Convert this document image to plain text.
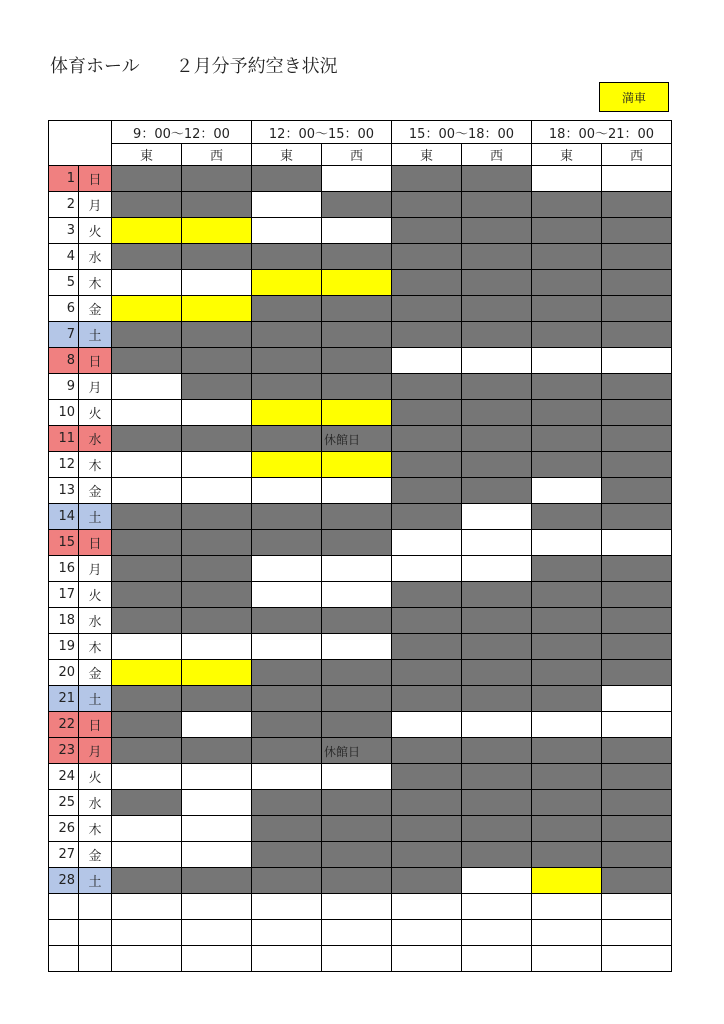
体育ホール　　２月分予約空き状況
満車
		9：00〜12：00		12：00〜15：00		15：00〜18：00		18：00〜21：00	
		東	西	東	西	東	西	東	西
1	日								
2	月								
3	火								
4	水								
5	木								
6	金								
7	土								
8	日								
9	月								
10	火								
11	水				休館日				

12	木								
13	金								
14	土								
15	日								
16	月								
17	火								
18	水								
19	木								
20	金								
21	土								
22	日								
23	月				休館日				

24	火								
25	水								
26	木								
27	金								
28	土								
